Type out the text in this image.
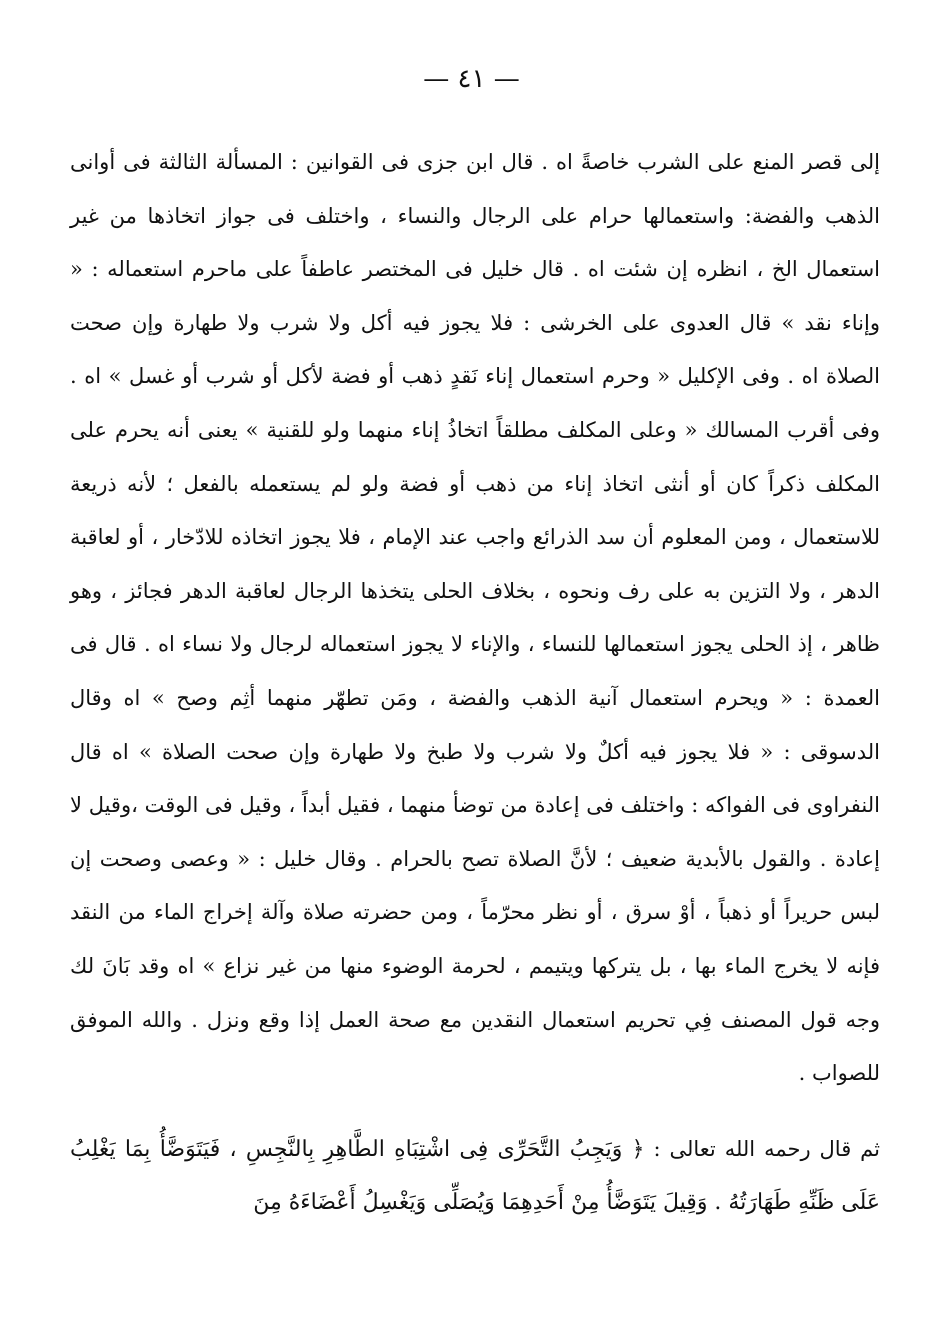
— ٤١ —

إلى قصر المنع على الشرب خاصةً اه . قال ابن جزى فى القوانين : المسألة الثالثة فى أوانى الذهب والفضة: واستعمالها حرام على الرجال والنساء ، واختلف فى جواز اتخاذها من غير استعمال الخ ، انظره إن شئت اه . قال خليل فى المختصر عاطفاً على ماحرم استعماله : « وإناء نقد » قال العدوى على الخرشى : فلا يجوز فيه أكل ولا شرب ولا طهارة وإن صحت الصلاة اه . وفى الإكليل « وحرم استعمال إناء نَقدٍ ذهب أو فضة لأكل أو شرب أو غسل » اه . وفى أقرب المسالك « وعلى المكلف مطلقاً اتخاذُ إناء منهما ولو للقنية » يعنى أنه يحرم على المكلف ذكراً كان أو أنثى اتخاذ إناء من ذهب أو فضة ولو لم يستعمله بالفعل ؛ لأنه ذريعة للاستعمال ، ومن المعلوم أن سد الذرائع واجب عند الإمام ، فلا يجوز اتخاذه للادّخار ، أو لعاقبة الدهر ، ولا التزين به على رف ونحوه ، بخلاف الحلى يتخذها الرجال لعاقبة الدهر فجائز ، وهو ظاهر ، إذ الحلى يجوز استعمالها للنساء ، والإناء لا يجوز استعماله لرجال ولا نساء اه . قال فى العمدة : « ويحرم استعمال آنية الذهب والفضة ، ومَن تطهّر منهما أثِم وصح » اه وقال الدسوقى : « فلا يجوز فيه أكلٌ ولا شرب ولا طبخ ولا طهارة وإن صحت الصلاة » اه قال النفراوى فى الفواكه : واختلف فى إعادة من توضأ منهما ، فقيل أبداً ، وقيل فى الوقت ،وقيل لا إعادة . والقول بالأبدية ضعيف ؛ لأنَّ الصلاة تصح بالحرام . وقال خليل : « وعصى وصحت إن لبس حريراً أو ذهباً ، أوْ سرق ، أو نظر محرّماً ، ومن حضرته صلاة وآلة إخراج الماء من النقد فإنه لا يخرج الماء بها ، بل يتركها ويتيمم ، لحرمة الوضوء منها من غير نزاع » اه وقد بَانَ لك وجه قول المصنف فِي تحريم استعمال النقدين مع صحة العمل إذا وقع ونزل . والله الموفق للصواب .

ثم قال رحمه الله تعالى : ﴿ وَيَجِبُ التَّحَرِّى فِى اشْتِبَاهِ الطَّاهِرِ بِالنَّجِسِ ، فَيَتَوَضَّأُ بِمَا يَغْلِبُ عَلَى ظَنِّهِ طَهَارَتُهُ . وَقِيلَ يَتَوَضَّأُ مِنْ أَحَدِهِمَا وَيُصَلِّى وَيَغْسِلُ أَعْضَاءَهُ مِنَ
